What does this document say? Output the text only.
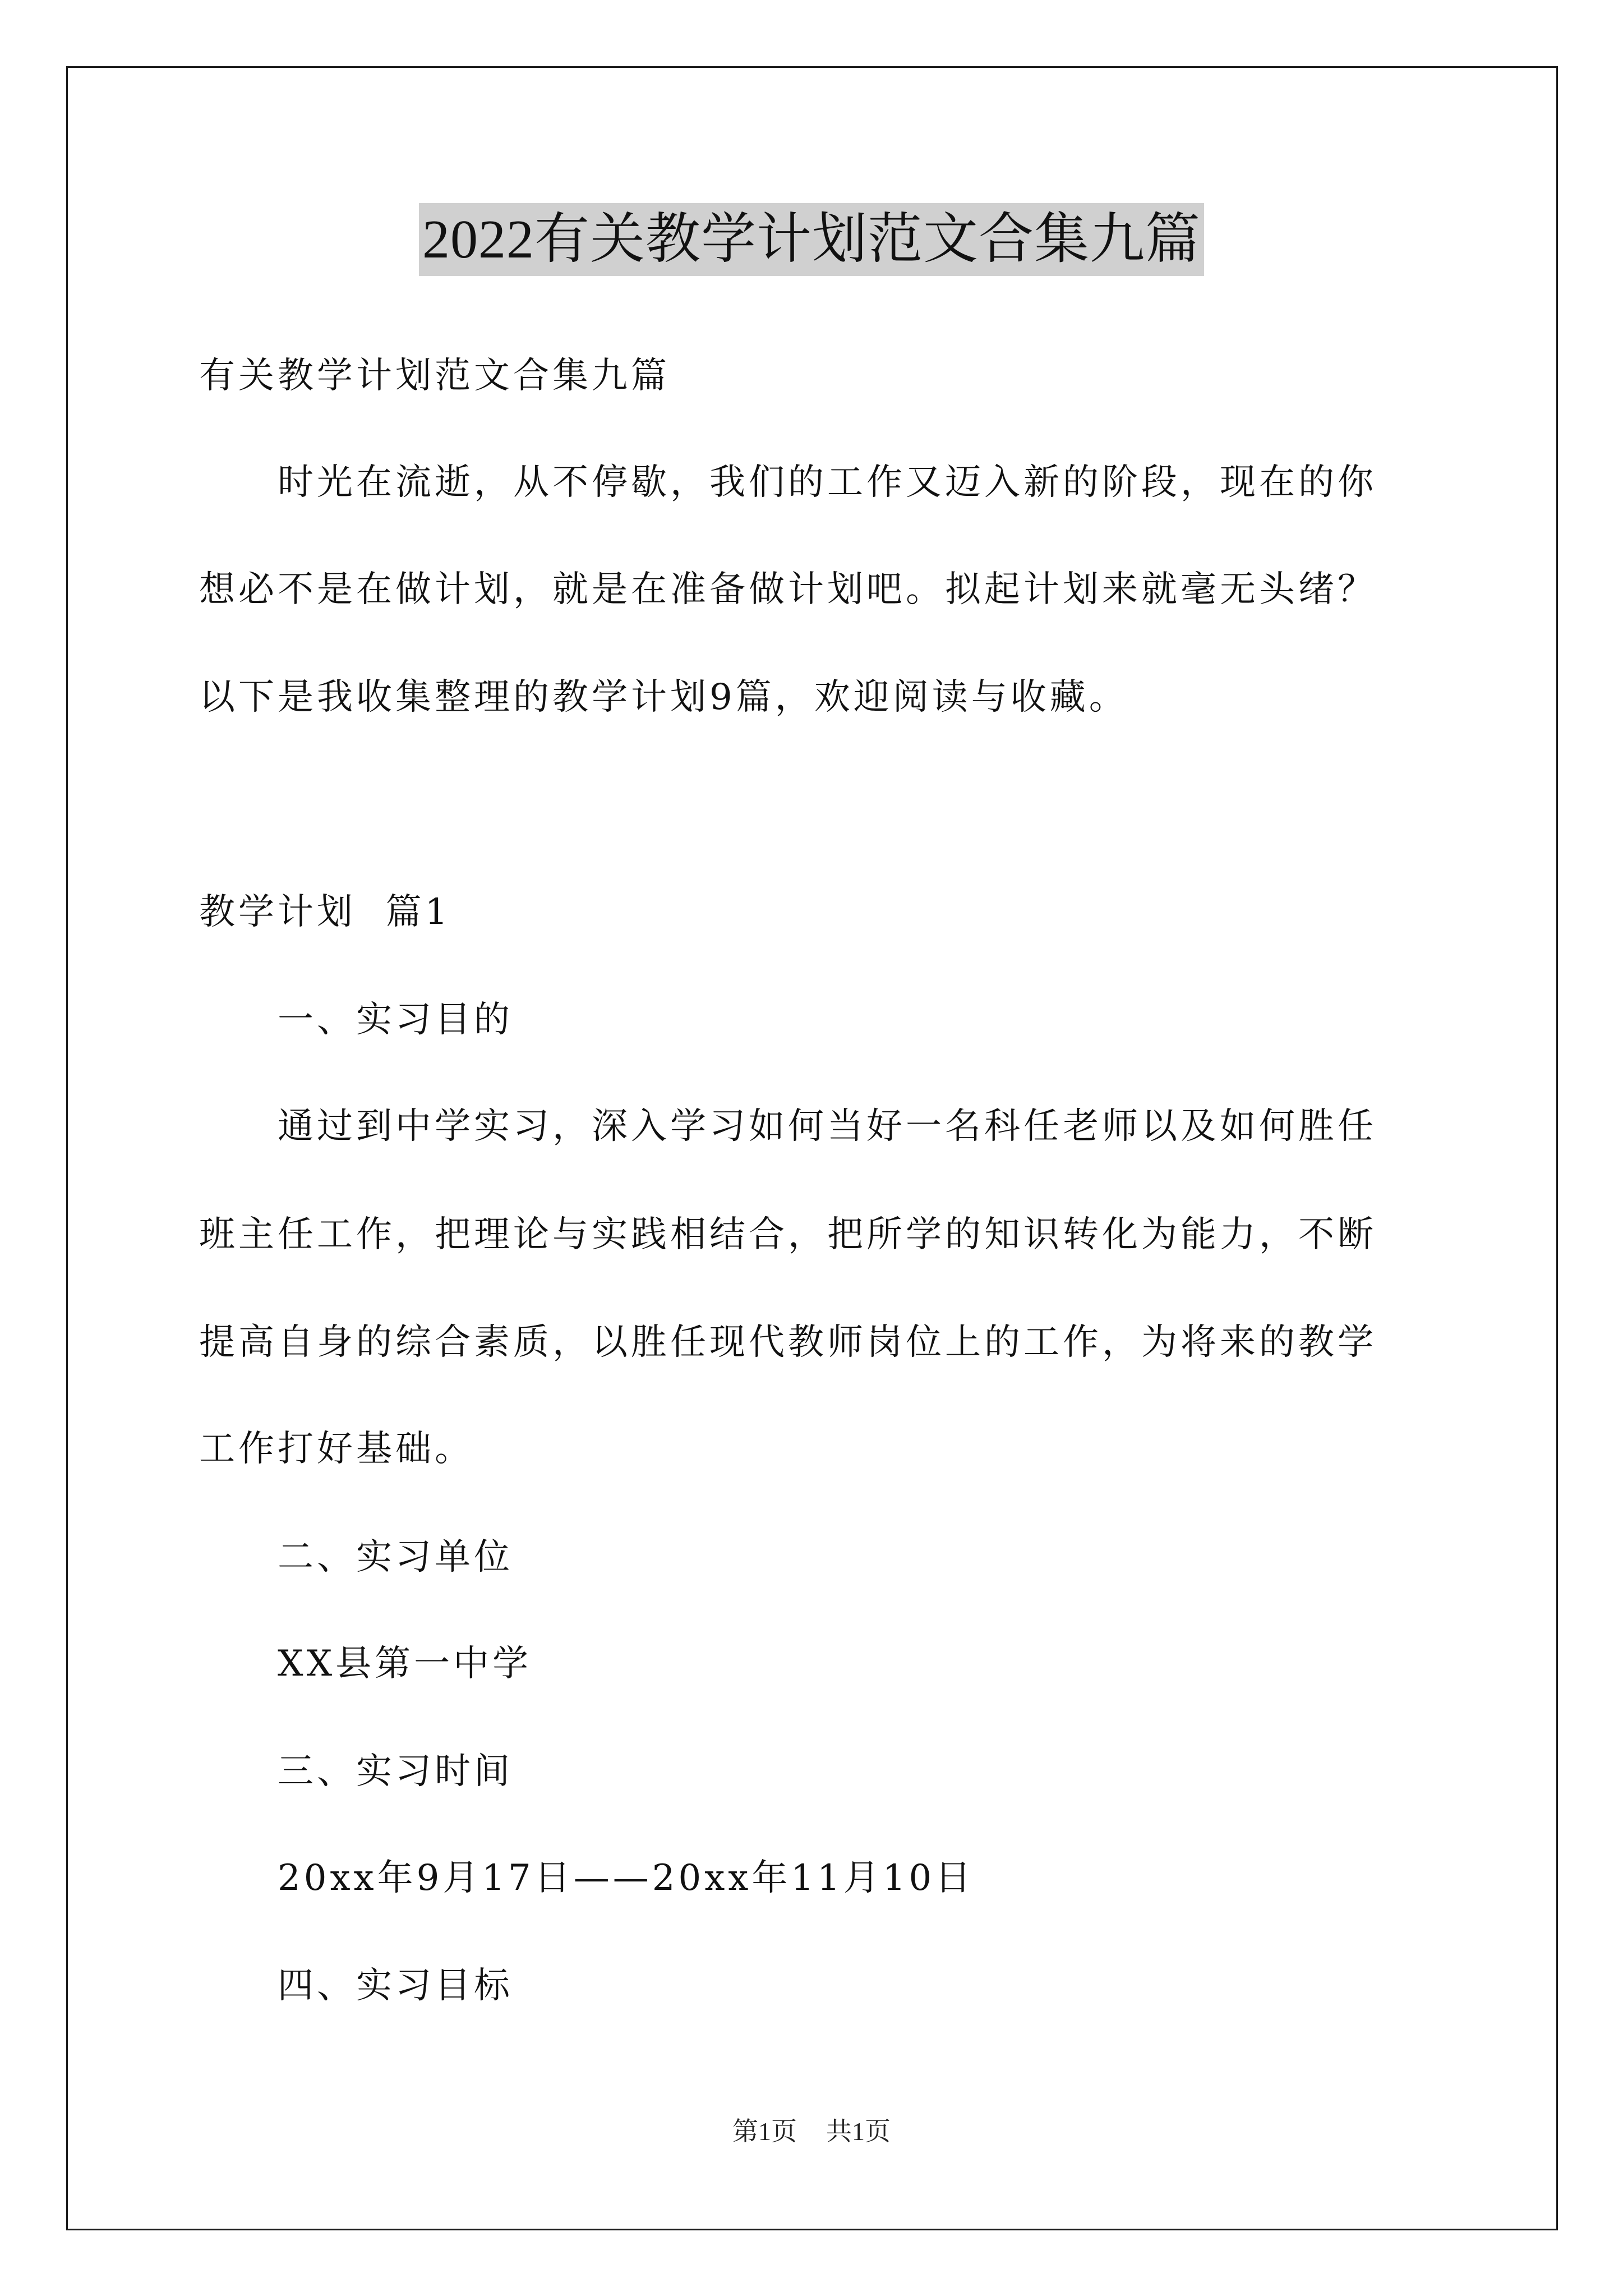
2022有关教学计划范文合集九篇
有关教学计划范文合集九篇
时光在流逝，从不停歇，我们的工作又迈入新的阶段，现在的你
想必不是在做计划，就是在准备做计划吧。拟起计划来就毫无头绪？
以下是我收集整理的教学计划9篇，欢迎阅读与收藏。
教学计划  篇1
一、实习目的
通过到中学实习，深入学习如何当好一名科任老师以及如何胜任
班主任工作，把理论与实践相结合，把所学的知识转化为能力，不断
提高自身的综合素质，以胜任现代教师岗位上的工作，为将来的教学
工作打好基础。
二、实习单位
XX县第一中学
三、实习时间
20xx年9月17日——20xx年11月10日
四、实习目标
第1页 共1页
